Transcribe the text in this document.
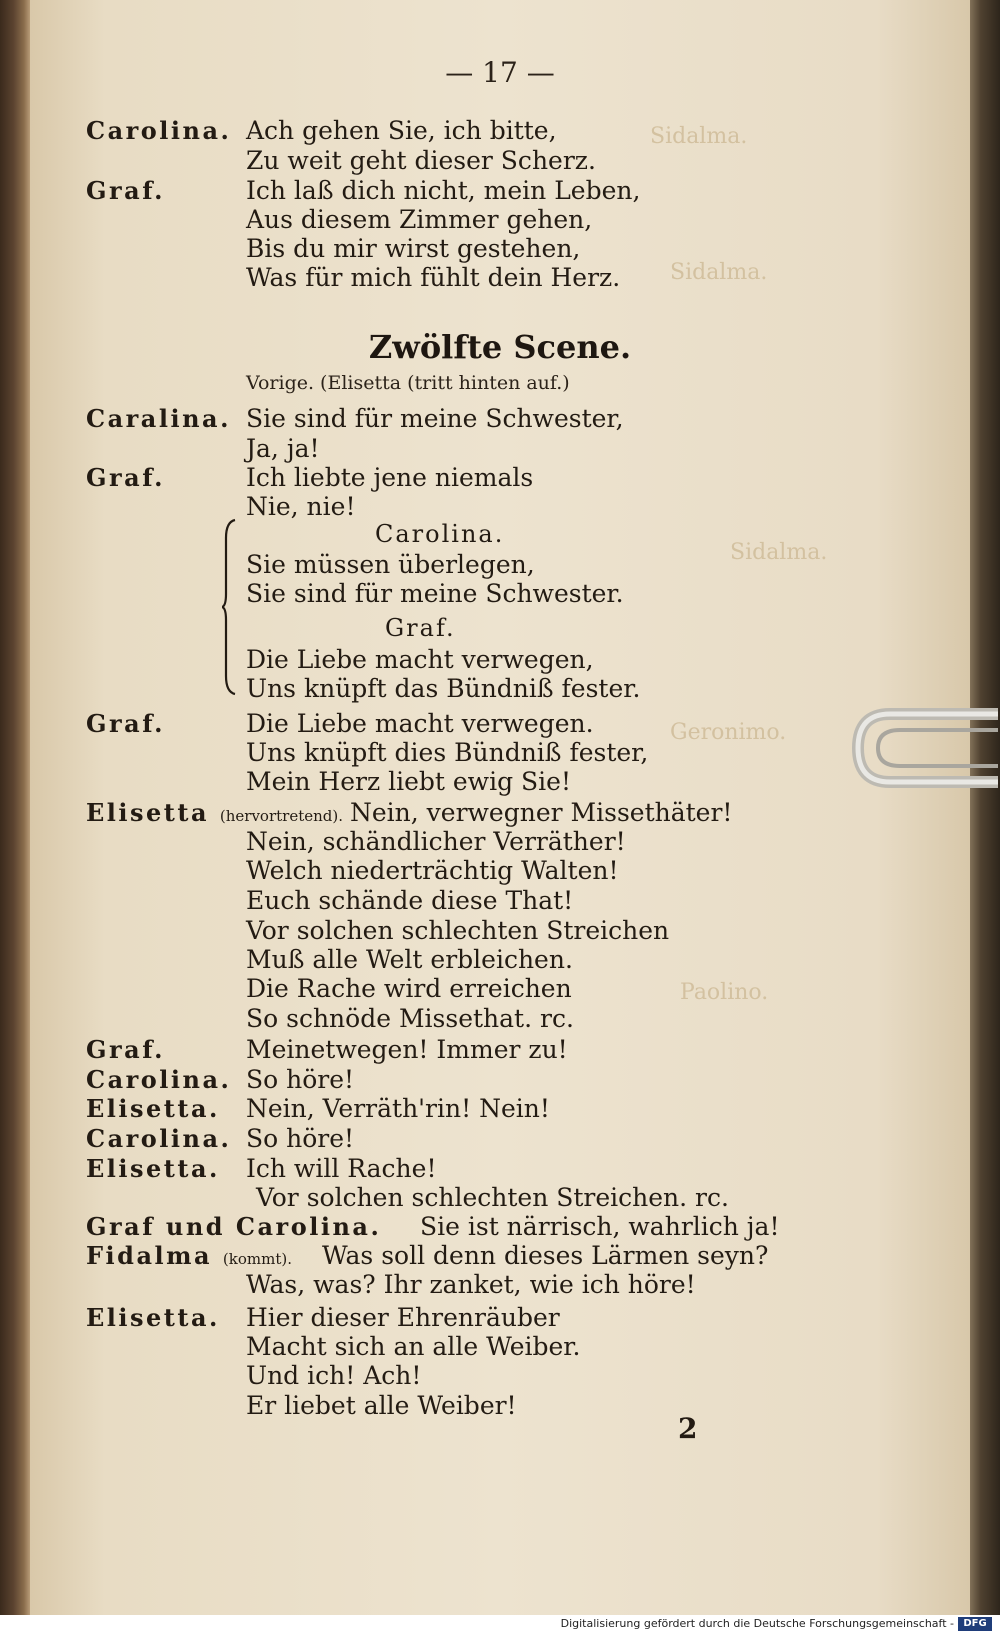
Sidalma.
Sidalma.
Sidalma.
Geronimo.
Paolino.
— 17 —
Carolina. Ach gehen Sie, ich bitte,
Zu weit geht dieser Scherz.
Graf.	Ich laß dich nicht, mein Leben,
Aus diesem Zimmer gehen,
Bis du mir wirst gestehen,
Was für mich fühlt dein Herz.
Zwölfte Scene.
Vorige. (Elisetta (tritt hinten auf.)
Caralina. Sie sind für meine Schwester,
Ja, ja!
Graf.	Ich liebte jene niemals
Nie, nie!
Carolina.
Sie müssen überlegen,
Sie sind für meine Schwester.
Graf.
Die Liebe macht verwegen,
Uns knüpft das Bündniß fester.
Graf.	Die Liebe macht verwegen.
Uns knüpft dies Bündniß fester,
Mein Herz liebt ewig Sie!
Elisetta (hervortretend). Nein, verwegner Missethäter!
Nein, schändlicher Verräther!
Welch niederträchtig Walten!
Euch schände diese That!
Vor solchen schlechten Streichen
Muß alle Welt erbleichen.
Die Rache wird erreichen
So schnöde Missethat. rc.
Graf.	Meinetwegen! Immer zu!
Carolina. So höre!
Elisetta. Nein, Verräth'rin! Nein!
Carolina. So höre!
Elisetta. Ich will Rache!
Vor solchen schlechten Streichen. rc.
Graf und Carolina. Sie ist närrisch, wahrlich ja!
Fidalma (kommt). Was soll denn dieses Lärmen seyn?
Was, was? Ihr zanket, wie ich höre!
Elisetta. Hier dieser Ehrenräuber
Macht sich an alle Weiber.
Und ich! Ach!
Er liebet alle Weiber!
2
Digitalisierung gefördert durch die Deutsche Forschungsgemeinschaft - DFG
